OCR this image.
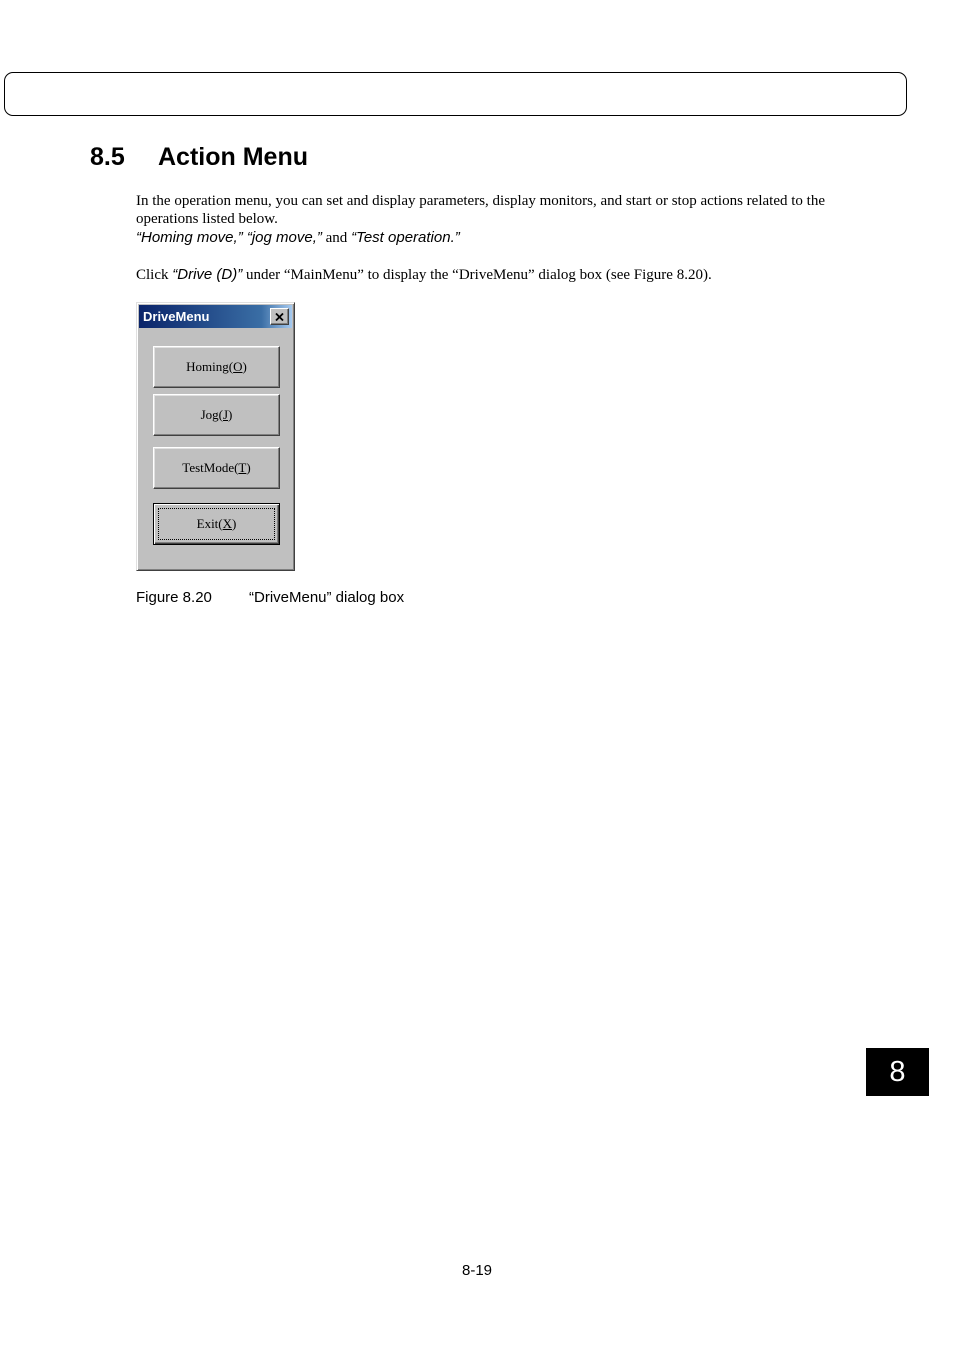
8.5 Action Menu

In the operation menu, you can set and display parameters, display monitors, and start or stop actions related to the operations listed below.

“Homing move,” “jog move,” and “Test operation.”

Click “Drive (D)” under “MainMenu” to display the “DriveMenu” dialog box (see Figure 8.20).

DriveMenu
Homing( O )
Jog( J )
TestMode( T )
Exit( X )

Figure 8.20 “DriveMenu” dialog box

8
8-19
